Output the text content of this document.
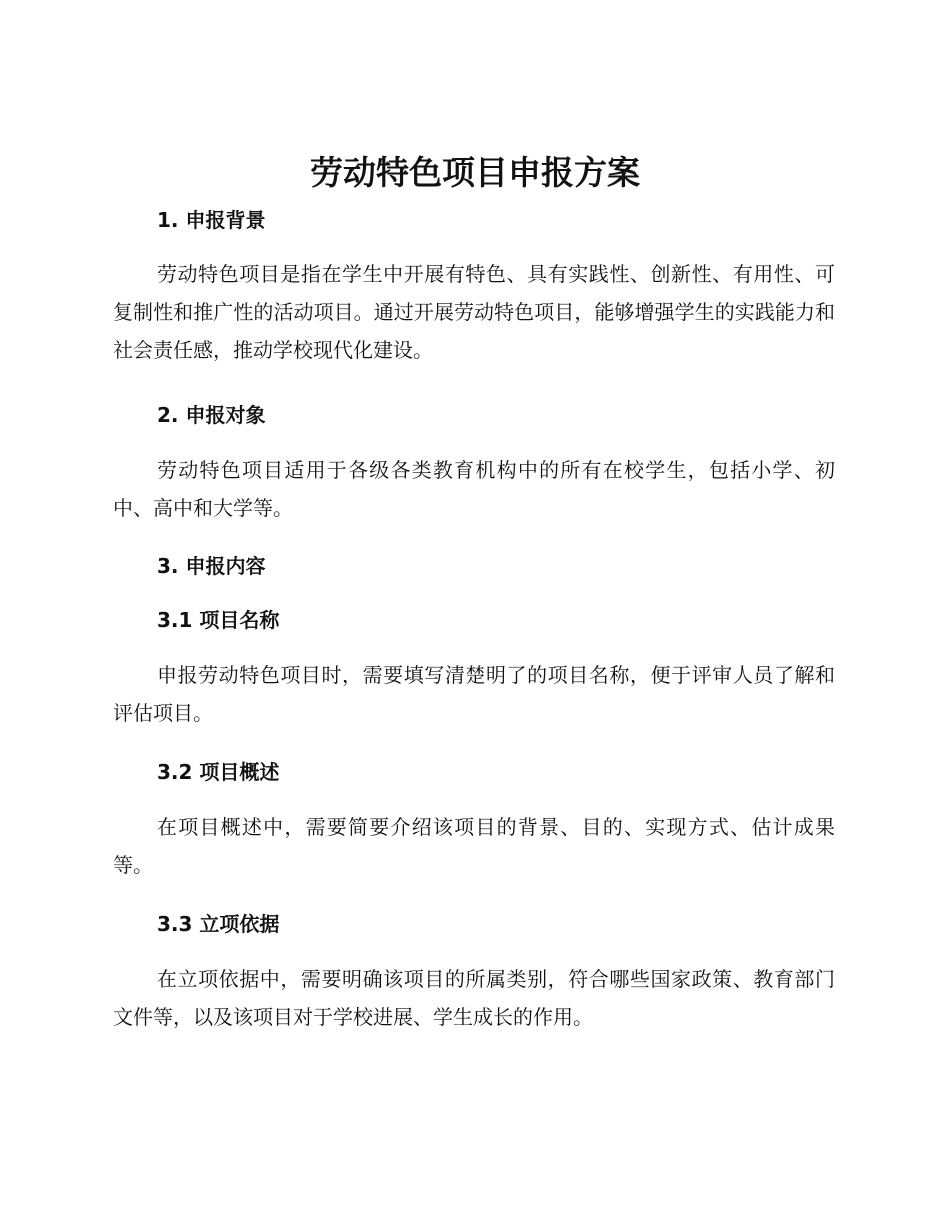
劳动特色项目申报方案
1. 申报背景

劳动特色项目是指在学生中开展有特色、具有实践性、创新性、有用性、可复制性和推广性的活动项目。通过开展劳动特色项目，能够增强学生的实践能力和社会责任感，推动学校现代化建设。

2. 申报对象

劳动特色项目适用于各级各类教育机构中的所有在校学生，包括小学、初中、高中和大学等。

3. 申报内容
3.1 项目名称

申报劳动特色项目时，需要填写清楚明了的项目名称，便于评审人员了解和评估项目。

3.2 项目概述

在项目概述中，需要简要介绍该项目的背景、目的、实现方式、估计成果等。

3.3 立项依据

在立项依据中，需要明确该项目的所属类别，符合哪些国家政策、教育部门文件等，以及该项目对于学校进展、学生成长的作用。
